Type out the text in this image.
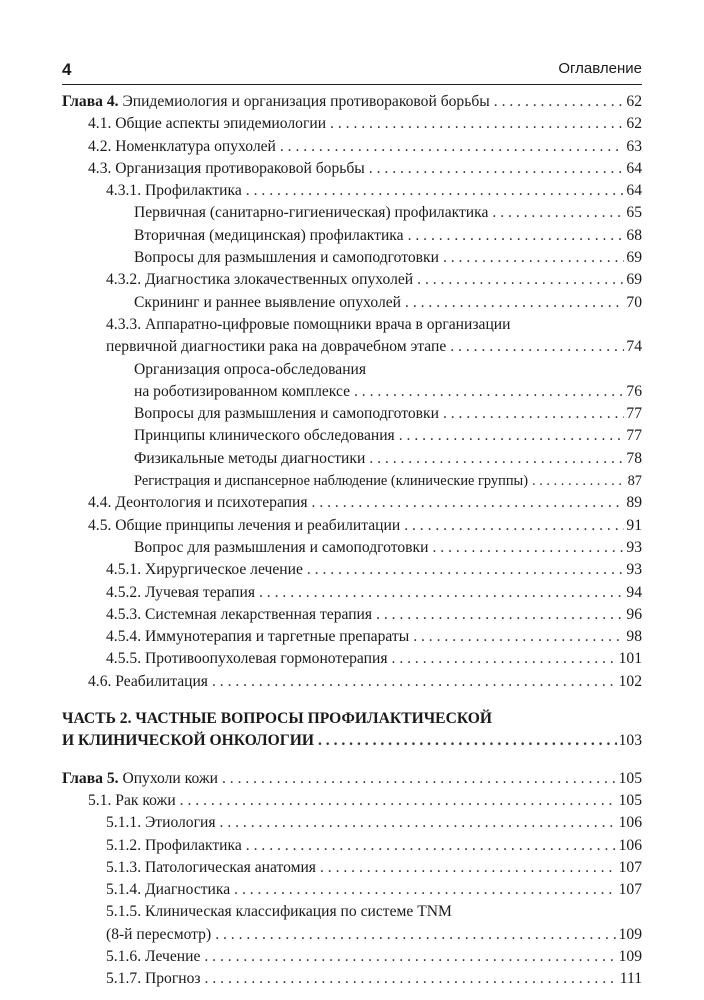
4	Оглавление
Глава 4. Эпидемиология и организация противораковой борьбы . . .	62
4.1. Общие аспекты эпидемиологии . . .	62
4.2. Номенклатура опухолей . . .	63
4.3. Организация противораковой борьбы . . .	64
4.3.1. Профилактика . . .	64
Первичная (санитарно-гигиеническая) профилактика . . .	65
Вторичная (медицинская) профилактика . . .	68
Вопросы для размышления и самоподготовки . . .	69
4.3.2. Диагностика злокачественных опухолей . . .	69
Скрининг и раннее выявление опухолей . . .	70
4.3.3. Аппаратно-цифровые помощники врача в организации
первичной диагностики рака на доврачебном этапе . . .	74
Организация опроса-обследования
на роботизированном комплексе . . .	76
Вопросы для размышления и самоподготовки . . .	77
Принципы клинического обследования . . .	77
Физикальные методы диагностики . . .	78
Регистрация и диспансерное наблюдение (клинические группы) . . .	87
4.4. Деонтология и психотерапия . . .	89
4.5. Общие принципы лечения и реабилитации . . .	91
Вопрос для размышления и самоподготовки . . .	93
4.5.1. Хирургическое лечение . . .	93
4.5.2. Лучевая терапия . . .	94
4.5.3. Системная лекарственная терапия . . .	96
4.5.4. Иммунотерапия и таргетные препараты . . .	98
4.5.5. Противоопухолевая гормонотерапия . . .	101
4.6. Реабилитация . . .	102
ЧАСТЬ 2. ЧАСТНЫЕ ВОПРОСЫ ПРОФИЛАКТИЧЕСКОЙ
И КЛИНИЧЕСКОЙ ОНКОЛОГИИ . . .	103
Глава 5. Опухоли кожи . . .	105
5.1. Рак кожи . . .	105
5.1.1. Этиология . . .	106
5.1.2. Профилактика . . .	106
5.1.3. Патологическая анатомия . . .	107
5.1.4. Диагностика . . .	107
5.1.5. Клиническая классификация по системе TNM
(8-й пересмотр) . . .	109
5.1.6. Лечение . . .	109
5.1.7. Прогноз . . .	111
